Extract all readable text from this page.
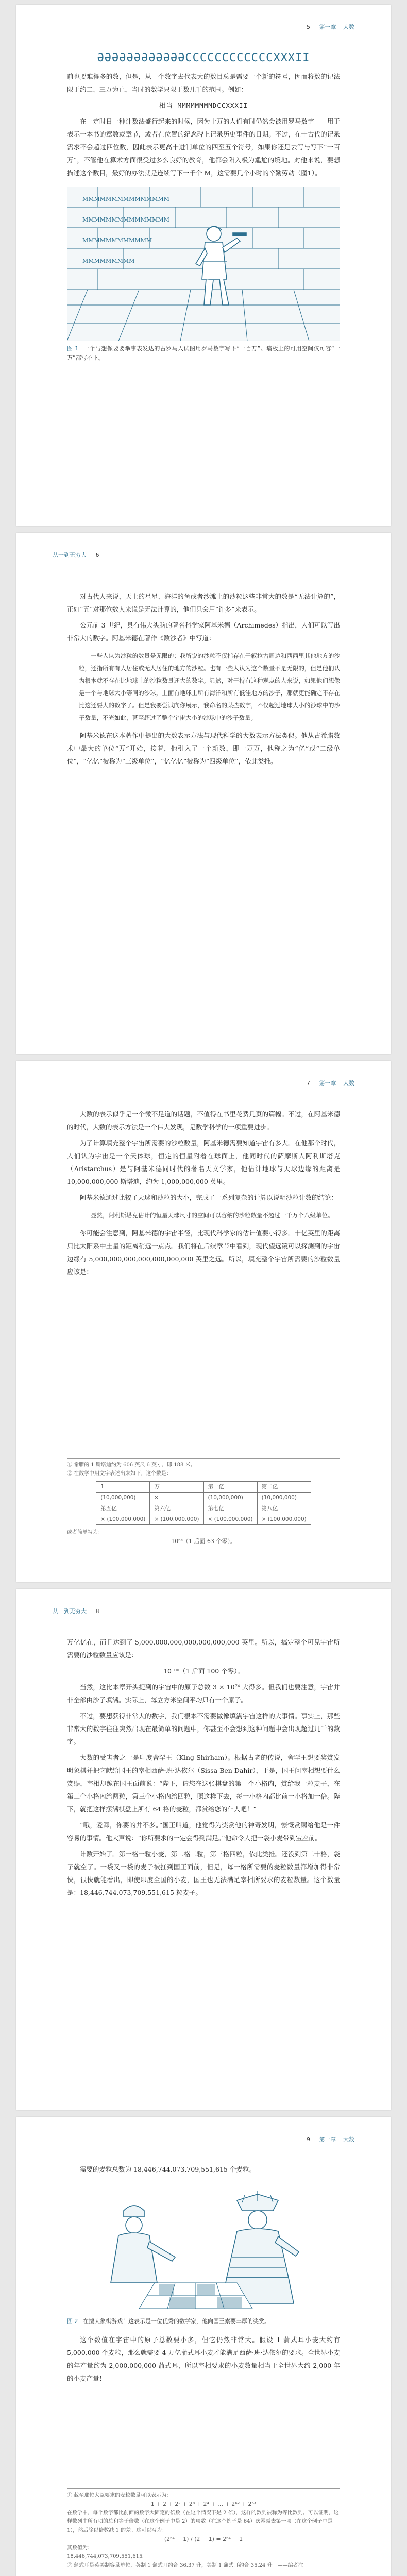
5 第一章 大数
ƏƏƏƏƏƏƏƏƏƏƏƏCCCCCCCCCCCCXXXII

前也要难得多的数，但是，从一个数字去代表大的数目总是需要一个新的符号，因而将数的记法限于约二、三万为止，当时的数学只限于数几千的范围。例如：

相当 MMMMMMMMDCCXXXII

在一定时日一种计数法盛行起来的时候，因为十万的人们有时仍然会被用罗马数字——用于表示一本书的章数或章节，或者在位置的纪念碑上记录历史事件的日期。不过，在十古代的记录需求不会超过四位数，因此表示更高十进制单位的四至五个符号，如果你还是去写与写下“一百万”，不管他在算术方面很受过多么良好的教育，他都会陷入极为尴尬的境地。对他来说，要想描述这个数目，最好的办法就是连续写下一千个 M，这需要几个小时的辛勤劳动（图1）。

MMMMMMMMMMMMMMM
MMMMMMMMMMMMMMM
MMMMMMMMMMMM
MMMMMMMMM
图 1 一个与想像要要举事表发达的古罗马人试图用罗马数字写下“一百万”。墙板上的可用空间仅可容“十万”都写不下。
从一到无穷大 6

对古代人来说，天上的星星、海洋的鱼或者沙滩上的沙粒这些非常大的数是“无法计算的”，正如“五”对那位数人来说是无法计算的，他们只会用“许多”来表示。

公元前 3 世纪，具有伟大头脑的著名科学家阿基米德（Archimedes）指出，人们可以写出非常大的数字。阿基米德在著作《数沙者》中写道：

一些人认为沙粒的数量是无限的；我所说的沙粒不仅指存在于叙拉古周边和西西里其他地方的沙粒，还指所有有人居住或无人居住的地方的沙粒。也有一些人认为这个数量不是无限的，但是他们认为根本就不存在比地球上的沙粒数量还大的数字。显然，对于持有这种观点的人来说，如果他们想像是一个与地球大小等同的沙球，上面有地球上所有海洋和所有低洼地方的沙子，那就更能确定不存在比这还要大的数字了。但是我要尝试向你展示，我命名的某些数字，不仅超过地球大小的沙球中的沙子数量，不光如此，甚至超过了整个宇宙大小的沙球中的沙子数量。

阿基米德在这本著作中提出的大数表示方法与现代科学的大数表示方法类似。他从古希腊数术中最大的单位“万”开始，接着，他引入了一个新数，即一万万，他称之为“亿”或“二级单位”，“亿亿”被称为“三级单位”，“亿亿亿”被称为“四级单位”，依此类推。

7 第一章 大数

大数的表示似乎是一个微不足道的话题，不值得在书里花费几页的篇幅。不过，在阿基米德的时代，大数的表示方法是一个伟大发现，是数学科学的一项重要进步。

为了计算填充整个宇宙所需要的沙粒数量，阿基米德需要知道宇宙有多大。在他那个时代，人们认为宇宙是一个天体球，恒定的恒星附着在球面上，他同时代的萨摩斯人阿利斯塔克（Aristarchus）是与阿基米德同时代的著名天文学家，他估计地球与天球边缘的距离是 10,000,000,000 斯塔迪，约为 1,000,000,000 英里。

阿基米德通过比较了天球和沙粒的大小，完成了一系列复杂的计算以说明沙粒计数的结论：

显然，阿利斯塔克估计的恒星天球尺寸的空间可以容纳的沙粒数量不超过一千万个八级单位。

你可能会注意到，阿基米德的宇宙半径，比现代科学家的估计值要小得多。十亿英里的距离只比太阳系中土星的距离稍远一点点。我们将在后续章节中看到，现代望远镜可以探测到的宇宙边缘有 5,000,000,000,000,000,000,000 英里之远。所以，填充整个宇宙所需要的沙粒数量应该是：

① 希腊的 1 斯塔迪约为 606 英尺 6 英寸，即 188 米。
② 在数学中用文字表述出来如下，这个数是：
1	万	第一亿	第二亿
(10,000,000)	×	(10,000,000)	(10,000,000)
第五亿	第六亿	第七亿	第八亿
× (100,000,000)	× (100,000,000)	× (100,000,000)	× (100,000,000)
或者简单写为：
10⁶³（1 后面 63 个零）。
从一到无穷大 8

万亿亿在，而且达到了 5,000,000,000,000,000,000,000 英里。所以，搞定整个可见宇宙所需要的沙粒数量应该是：

10¹⁰⁰（1 后面 100 个零）。

当然，这比本章开头提到的宇宙中的原子总数 3 × 10⁷⁴ 大得多。但我们也要注意，宇宙并非全部由沙子填满。实际上，每立方米空间平均只有一个原子。

不过，要想获得非常大的数字，我们根本不需要做像填满宇宙这样的大事情。事实上，那些非常大的数字往往突然出现在最简单的问题中，你甚至不会想到这种问题中会出现超过几千的数字。

大数的受害者之一是印度舍罕王（King Shirham）。根据古老的传说，舍罕王想要奖赏发明象棋并把它献给国王的宰相西萨·班·达依尔（Sissa Ben Dahir），于是，国王问宰相想要什么赏赐，宰相却跪在国王面前说：“陛下，请您在这张棋盘的第一个小格内，赏给我一粒麦子，在第二个小格内给两粒，第三个小格内给四粒，照这样下去，每一小格内都比前一小格加一倍。陛下，就把这样摆满棋盘上所有 64 格的麦粒，都赏给您的仆人吧！”

“哦，爱卿，你要的并不多。”国王叫道，他觉得为奖赏他的神奇发明，慷慨赏赐给他是一件容易的事情。他大声说：“你所要求的一定会得到满足。”他命令人把一袋小麦带到宝座前。

计数开始了。第一格一粒小麦，第二格二粒，第三格四粒，依此类推。还没到第二十格，袋子就空了。一袋又一袋的麦子被扛到国王面前，但是，每一格所需要的麦粒数量都增加得非常快，很快就能看出，即使印度全国的小麦，国王也无法满足宰相所要求的麦粒数量。这个数量是：18,446,744,073,709,551,615 粒麦子。

9 第一章 大数

需要的麦粒总数为 18,446,744,073,709,551,615 个麦粒。

图 2 在擅大象棋游戏！这表示是一位优秀的数学家，他向国王索要丰厚的奖赏。

这个数值在宇宙中的原子总数要小多，但它仍然非常大。假设 1 蒲式耳小麦大约有 5,000,000 个麦粒，那么就需要 4 万亿蒲式耳小麦才能满足西萨·班·达依尔的要求。全世界小麦的年产量约为 2,000,000,000 蒲式耳，所以宰相要求的小麦数量相当于全世界大约 2,000 年的小麦产量！

① 截至那位大臣要求的麦粒数量可以表示为：
1 + 2 + 2² + 2³ + 2⁴ + … + 2⁶² + 2⁶³
在数学中，每个数字都比前面的数字大固定的倍数（在这个情况下是 2 倍），这样的数列被称为等比数列。可以证明，这样数列中所有项的总和等于倍数（在这个例子中是 2）的项数（在这个例子是 64）次幂减去第一项（在这个例子中是 1），然后除以倍数减 1 的差。这可以写为：
(2⁶⁴ − 1) / (2 − 1) = 2⁶⁴ − 1
其数值为：
18,446,744,073,709,551,615。
② 蒲式耳是英美制容量单位，英制 1 蒲式耳约合 36.37 升，美制 1 蒲式耳约合 35.24 升。——编者注
